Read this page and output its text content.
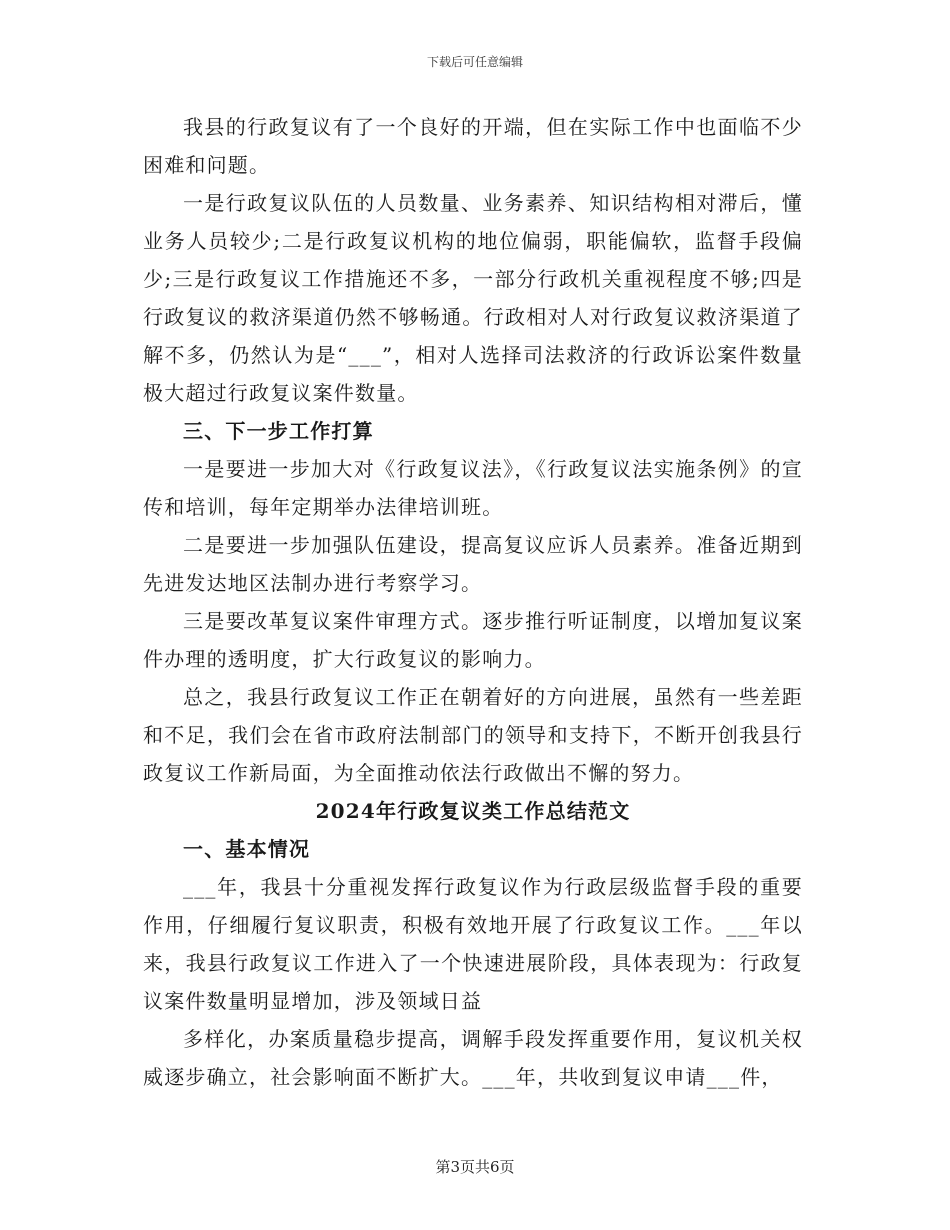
下载后可任意编辑

我县的行政复议有了一个良好的开端，但在实际工作中也面临不少困难和问题。

一是行政复议队伍的人员数量、业务素养、知识结构相对滞后，懂业务人员较少;二是行政复议机构的地位偏弱，职能偏软，监督手段偏少;三是行政复议工作措施还不多，一部分行政机关重视程度不够;四是行政复议的救济渠道仍然不够畅通。行政相对人对行政复议救济渠道了解不多，仍然认为是“___”，相对人选择司法救济的行政诉讼案件数量极大超过行政复议案件数量。

三、下一步工作打算

一是要进一步加大对《行政复议法》，《行政复议法实施条例》的宣传和培训，每年定期举办法律培训班。

二是要进一步加强队伍建设，提高复议应诉人员素养。准备近期到先进发达地区法制办进行考察学习。

三是要改革复议案件审理方式。逐步推行听证制度，以增加复议案件办理的透明度，扩大行政复议的影响力。

总之，我县行政复议工作正在朝着好的方向进展，虽然有一些差距和不足，我们会在省市政府法制部门的领导和支持下，不断开创我县行政复议工作新局面，为全面推动依法行政做出不懈的努力。

2024年行政复议类工作总结范文

一、基本情况

___年，我县十分重视发挥行政复议作为行政层级监督手段的重要作用，仔细履行复议职责，积极有效地开展了行政复议工作。___年以来，我县行政复议工作进入了一个快速进展阶段，具体表现为：行政复议案件数量明显增加，涉及领域日益

多样化，办案质量稳步提高，调解手段发挥重要作用，复议机关权威逐步确立，社会影响面不断扩大。___年，共收到复议申请___件，

第3页共6页
